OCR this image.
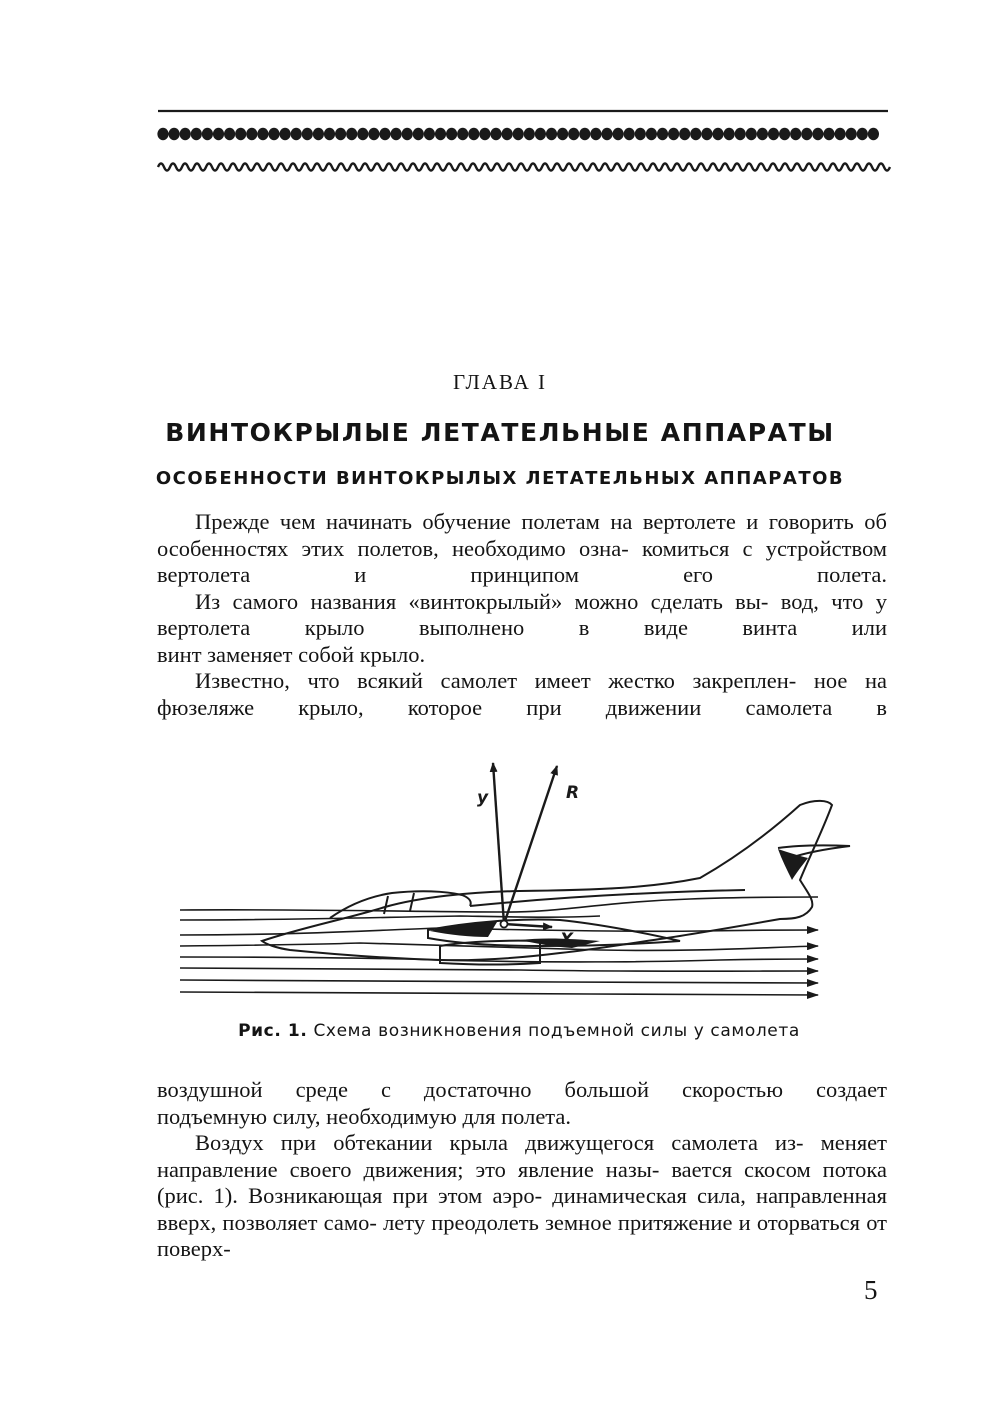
ГЛАВА I
ВИНТОКРЫЛЫЕ ЛЕТАТЕЛЬНЫЕ АППАРАТЫ
ОСОБЕННОСТИ ВИНТОКРЫЛЫХ ЛЕТАТЕЛЬНЫХ АППАРАТОВ

Прежде чем начинать обучение полетам на вертолете и говорить об особенностях этих полетов, необходимо озна- комиться с устройством вертолета и принципом его полета.

Из самого названия «винтокрылый» можно сделать вы- вод, что у вертолета крыло выполнено в виде винта или

винт заменяет собой крыло.

Известно, что всякий самолет имеет жестко закреплен- ное на фюзеляже крыло, которое при движении самолета в

y	R
X
Рис. 1. Схема возникновения подъемной силы у самолета

воздушной среде с достаточно большой скоростью создает

подъемную силу, необходимую для полета.

Воздух при обтекании крыла движущегося самолета из- меняет направление своего движения; это явление назы- вается скосом потока (рис. 1). Возникающая при этом аэро- динамическая сила, направленная вверх, позволяет само- лету преодолеть земное притяжение и оторваться от поверх-

5
